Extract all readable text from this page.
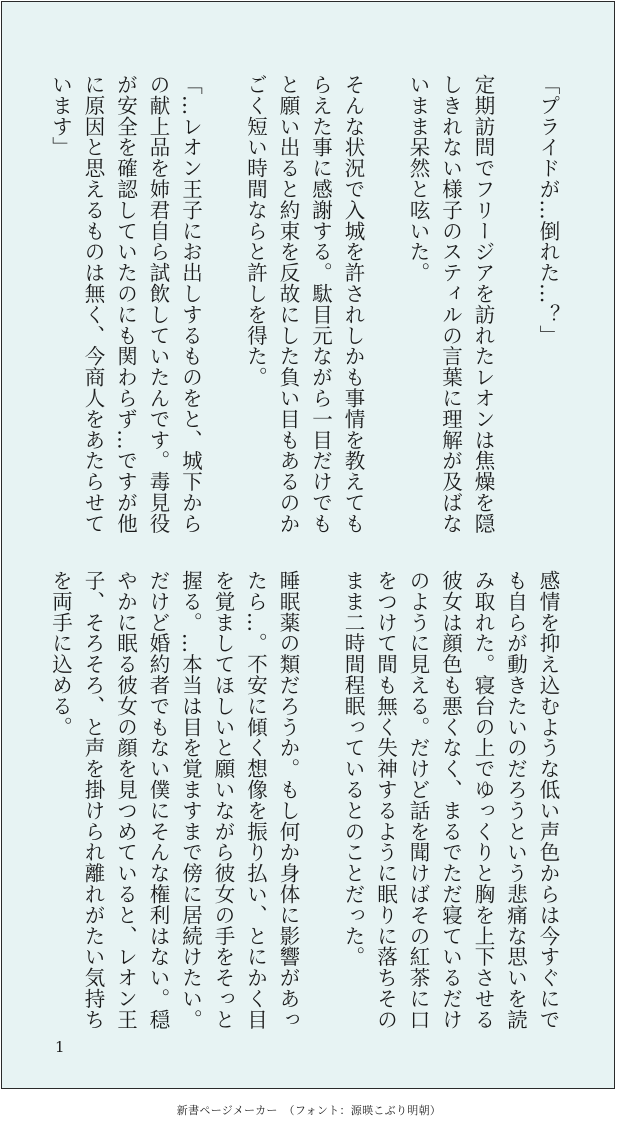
「プライドが…倒れた…？」

定期訪問でフリージアを訪れたレオンは焦燥を隠

しきれない様子のスティルの言葉に理解が及ばな

いまま呆然と呟いた。

そんな状況で入城を許されしかも事情を教えても

らえた事に感謝する。駄目元ながら一目だけでも

と願い出ると約束を反故にした負い目もあるのか

ごく短い時間ならと許しを得た。

「…レオン王子にお出しするものをと、城下から

の献上品を姉君自ら試飲していたんです。毒見役

が安全を確認していたのにも関わらず…ですが他

に原因と思えるものは無く、今商人をあたらせて

います」

感情を抑え込むような低い声色からは今すぐにで

も自らが動きたいのだろうという悲痛な思いを読

み取れた。寝台の上でゆっくりと胸を上下させる

彼女は顔色も悪くなく、まるでただ寝ているだけ

のように見える。だけど話を聞けばその紅茶に口

をつけて間も無く失神するように眠りに落ちその

まま二時間程眠っているとのことだった。

睡眠薬の類だろうか。もし何か身体に影響があっ

たら…。不安に傾く想像を振り払い、とにかく目

を覚ましてほしいと願いながら彼女の手をそっと

握る。…本当は目を覚ますまで傍に居続けたい。

だけど婚約者でもない僕にそんな権利はない。穏

やかに眠る彼女の顔を見つめていると、レオン王

子、そろそろ、と声を掛けられ離れがたい気持ち

を両手に込める。

1
新書ページメーカー　（フォント：源暎こぶり明朝）
